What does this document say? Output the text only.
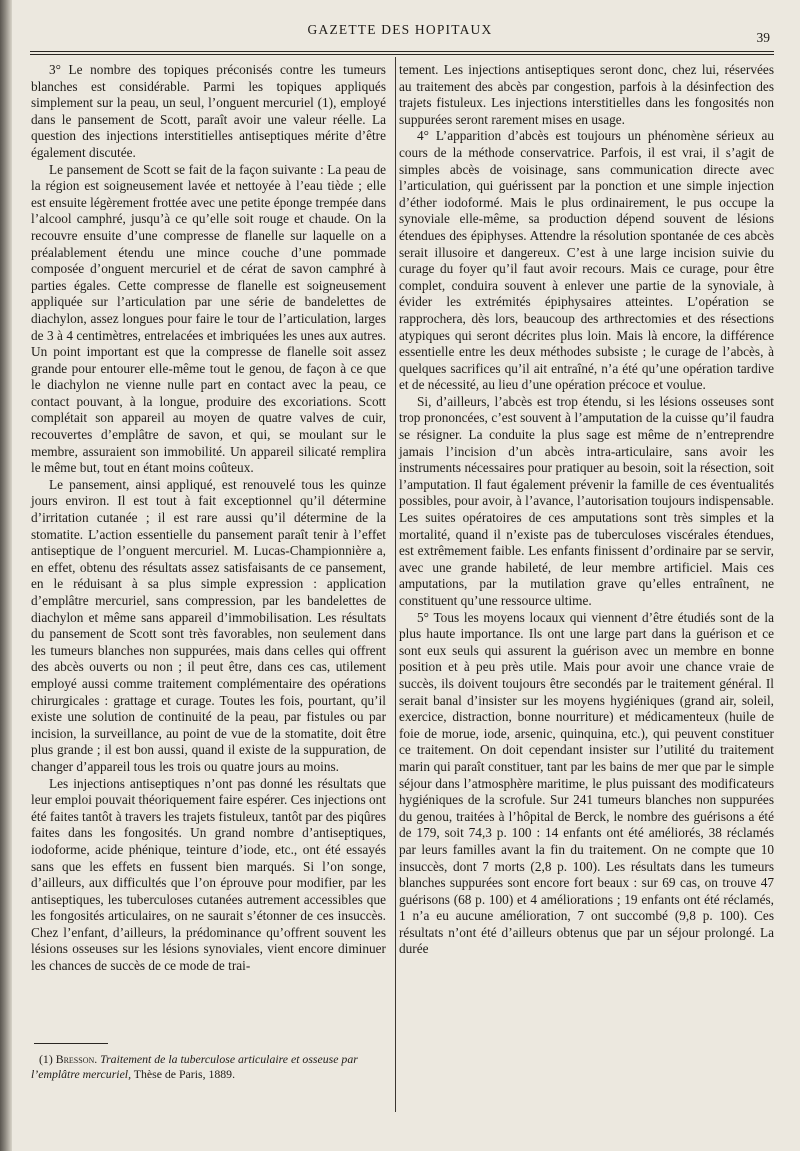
GAZETTE DES HOPITAUX
39

3° Le nombre des topiques préconisés contre les tumeurs blanches est considérable. Parmi les topiques appliqués simplement sur la peau, un seul, l’onguent mercuriel (1), employé dans le pansement de Scott, paraît avoir une valeur réelle. La question des injections interstitielles antiseptiques mérite d’être également discutée.

Le pansement de Scott se fait de la façon suivante : La peau de la région est soigneusement lavée et nettoyée à l’eau tiède ; elle est ensuite légèrement frottée avec une petite éponge trempée dans l’alcool camphré, jusqu’à ce qu’elle soit rouge et chaude. On la recouvre ensuite d’une compresse de flanelle sur laquelle on a préalablement étendu une mince couche d’une pommade composée d’onguent mercuriel et de cérat de savon camphré à parties égales. Cette compresse de flanelle est soigneusement appliquée sur l’articulation par une série de bandelettes de diachylon, assez longues pour faire le tour de l’articulation, larges de 3 à 4 centimètres, entrelacées et imbriquées les unes aux autres. Un point important est que la compresse de flanelle soit assez grande pour entourer elle-même tout le genou, de façon à ce que le diachylon ne vienne nulle part en contact avec la peau, ce contact pouvant, à la longue, produire des excoriations. Scott complétait son appareil au moyen de quatre valves de cuir, recouvertes d’emplâtre de savon, et qui, se moulant sur le membre, assuraient son immobilité. Un appareil silicaté remplira le même but, tout en étant moins coûteux.

Le pansement, ainsi appliqué, est renouvelé tous les quinze jours environ. Il est tout à fait exceptionnel qu’il détermine d’irritation cutanée ; il est rare aussi qu’il détermine de la stomatite. L’action essentielle du pansement paraît tenir à l’effet antiseptique de l’onguent mercuriel. M. Lucas-Championnière a, en effet, obtenu des résultats assez satisfaisants de ce pansement, en le réduisant à sa plus simple expression : application d’emplâtre mercuriel, sans compression, par les bandelettes de diachylon et même sans appareil d’immobilisation. Les résultats du pansement de Scott sont très favorables, non seulement dans les tumeurs blanches non suppurées, mais dans celles qui offrent des abcès ouverts ou non ; il peut être, dans ces cas, utilement employé aussi comme traitement complémentaire des opérations chirurgicales : grattage et curage. Toutes les fois, pourtant, qu’il existe une solution de continuité de la peau, par fistules ou par incision, la surveillance, au point de vue de la stomatite, doit être plus grande ; il est bon aussi, quand il existe de la suppuration, de changer d’appareil tous les trois ou quatre jours au moins.

Les injections antiseptiques n’ont pas donné les résultats que leur emploi pouvait théoriquement faire espérer. Ces injections ont été faites tantôt à travers les trajets fistuleux, tantôt par des piqûres faites dans les fongosités. Un grand nombre d’antiseptiques, iodoforme, acide phénique, teinture d’iode, etc., ont été essayés sans que les effets en fussent bien marqués. Si l’on songe, d’ailleurs, aux difficultés que l’on éprouve pour modifier, par les antiseptiques, les tuberculoses cutanées autrement accessibles que les fongosités articulaires, on ne saurait s’étonner de ces insuccès. Chez l’enfant, d’ailleurs, la prédominance qu’offrent souvent les lésions osseuses sur les lésions synoviales, vient encore diminuer les chances de succès de ce mode de trai-

tement. Les injections antiseptiques seront donc, chez lui, réservées au traitement des abcès par congestion, parfois à la désinfection des trajets fistuleux. Les injections interstitielles dans les fongosités non suppurées seront rarement mises en usage.

4° L’apparition d’abcès est toujours un phénomène sérieux au cours de la méthode conservatrice. Parfois, il est vrai, il s’agit de simples abcès de voisinage, sans communication directe avec l’articulation, qui guérissent par la ponction et une simple injection d’éther iodoformé. Mais le plus ordinairement, le pus occupe la synoviale elle-même, sa production dépend souvent de lésions étendues des épiphyses. Attendre la résolution spontanée de ces abcès serait illusoire et dangereux. C’est à une large incision suivie du curage du foyer qu’il faut avoir recours. Mais ce curage, pour être complet, conduira souvent à enlever une partie de la synoviale, à évider les extrémités épiphysaires atteintes. L’opération se rapprochera, dès lors, beaucoup des arthrectomies et des résections atypiques qui seront décrites plus loin. Mais là encore, la différence essentielle entre les deux méthodes subsiste ; le curage de l’abcès, à quelques sacrifices qu’il ait entraîné, n’a été qu’une opération tardive et de nécessité, au lieu d’une opération précoce et voulue.

Si, d’ailleurs, l’abcès est trop étendu, si les lésions osseuses sont trop prononcées, c’est souvent à l’amputation de la cuisse qu’il faudra se résigner. La conduite la plus sage est même de n’entreprendre jamais l’incision d’un abcès intra-articulaire, sans avoir les instruments nécessaires pour pratiquer au besoin, soit la résection, soit l’amputation. Il faut également prévenir la famille de ces éventualités possibles, pour avoir, à l’avance, l’autorisation toujours indispensable. Les suites opératoires de ces amputations sont très simples et la mortalité, quand il n’existe pas de tuberculoses viscérales étendues, est extrêmement faible. Les enfants finissent d’ordinaire par se servir, avec une grande habileté, de leur membre artificiel. Mais ces amputations, par la mutilation grave qu’elles entraînent, ne constituent qu’une ressource ultime.

5° Tous les moyens locaux qui viennent d’être étudiés sont de la plus haute importance. Ils ont une large part dans la guérison et ce sont eux seuls qui assurent la guérison avec un membre en bonne position et à peu près utile. Mais pour avoir une chance vraie de succès, ils doivent toujours être secondés par le traitement général. Il serait banal d’insister sur les moyens hygiéniques (grand air, soleil, exercice, distraction, bonne nourriture) et médicamenteux (huile de foie de morue, iode, arsenic, quinquina, etc.), qui peuvent constituer ce traitement. On doit cependant insister sur l’utilité du traitement marin qui paraît constituer, tant par les bains de mer que par le simple séjour dans l’atmosphère maritime, le plus puissant des modificateurs hygiéniques de la scrofule. Sur 241 tumeurs blanches non suppurées du genou, traitées à l’hôpital de Berck, le nombre des guérisons a été de 179, soit 74,3 p. 100 : 14 enfants ont été améliorés, 38 réclamés par leurs familles avant la fin du traitement. On ne compte que 10 insuccès, dont 7 morts (2,8 p. 100). Les résultats dans les tumeurs blanches suppurées sont encore fort beaux : sur 69 cas, on trouve 47 guérisons (68 p. 100) et 4 améliorations ; 19 enfants ont été réclamés, 1 n’a eu aucune amélioration, 7 ont succombé (9,8 p. 100). Ces résultats n’ont été d’ailleurs obtenus que par un séjour prolongé. La durée

(1) Bresson. Traitement de la tuberculose articulaire et osseuse par l’emplâtre mercuriel, Thèse de Paris, 1889.
